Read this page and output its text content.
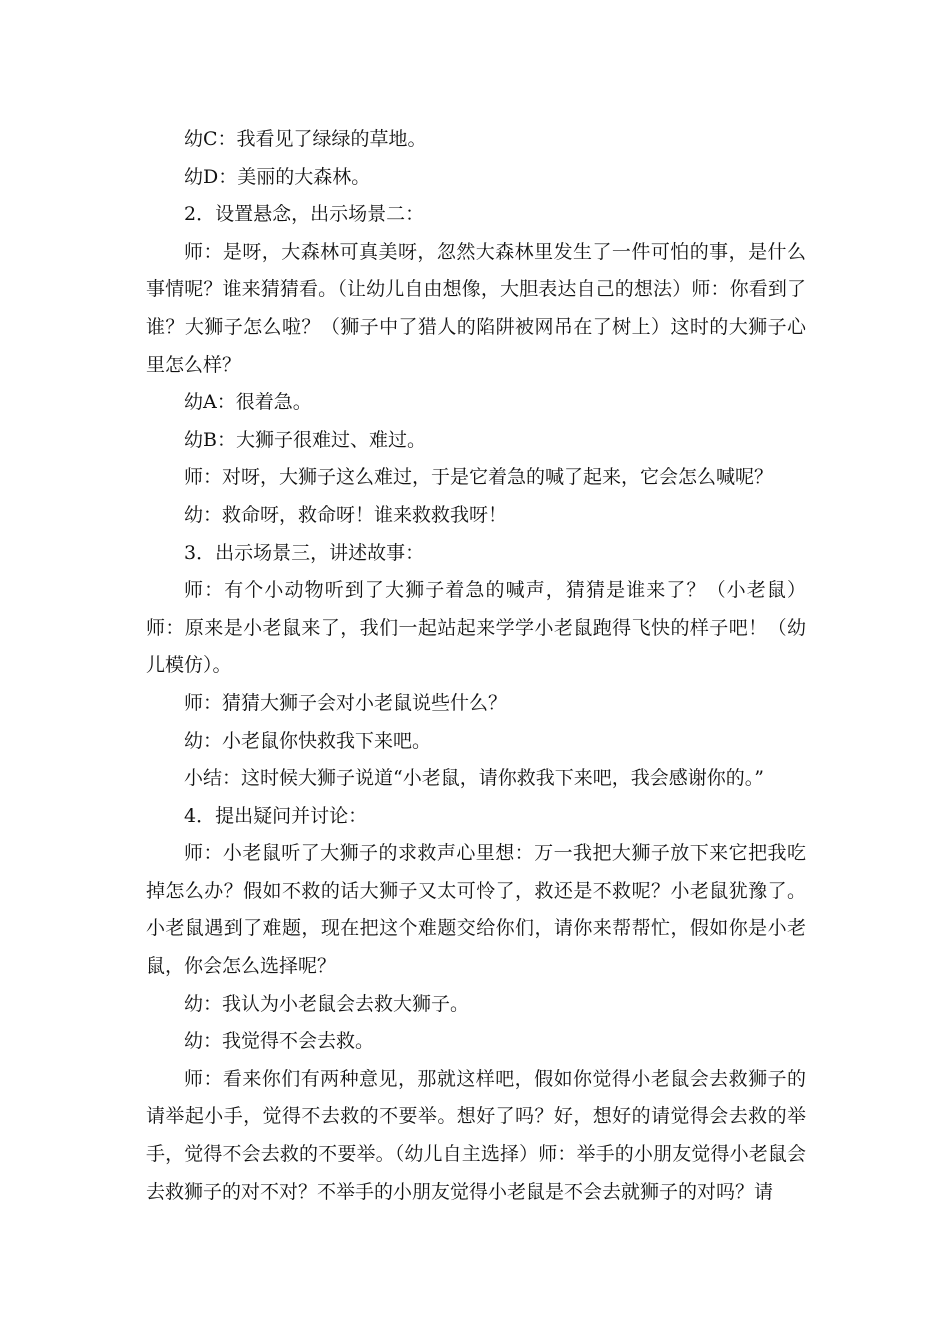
幼C：我看见了绿绿的草地。

幼D：美丽的大森林。

2．设置悬念，出示场景二：

师：是呀，大森林可真美呀，忽然大森林里发生了一件可怕的事，是什么事情呢？谁来猜猜看。（让幼儿自由想像，大胆表达自己的想法）师：你看到了谁？大狮子怎么啦？（狮子中了猎人的陷阱被网吊在了树上）这时的大狮子心里怎么样？

幼A：很着急。

幼B：大狮子很难过、难过。

师：对呀，大狮子这么难过，于是它着急的喊了起来，它会怎么喊呢？

幼：救命呀，救命呀！谁来救救我呀！

3．出示场景三，讲述故事：

师：有个小动物听到了大狮子着急的喊声，猜猜是谁来了？（小老鼠）师：原来是小老鼠来了，我们一起站起来学学小老鼠跑得飞快的样子吧！（幼儿模仿）。

师：猜猜大狮子会对小老鼠说些什么？

幼：小老鼠你快救我下来吧。

小结：这时候大狮子说道“小老鼠，请你救我下来吧，我会感谢你的。”

4．提出疑问并讨论：

师：小老鼠听了大狮子的求救声心里想：万一我把大狮子放下来它把我吃掉怎么办？假如不救的话大狮子又太可怜了，救还是不救呢？小老鼠犹豫了。小老鼠遇到了难题，现在把这个难题交给你们，请你来帮帮忙，假如你是小老鼠，你会怎么选择呢？

幼：我认为小老鼠会去救大狮子。

幼：我觉得不会去救。

师：看来你们有两种意见，那就这样吧，假如你觉得小老鼠会去救狮子的请举起小手，觉得不去救的不要举。想好了吗？好，想好的请觉得会去救的举手，觉得不会去救的不要举。（幼儿自主选择）师：举手的小朋友觉得小老鼠会去救狮子的对不对？不举手的小朋友觉得小老鼠是不会去就狮子的对吗？请
